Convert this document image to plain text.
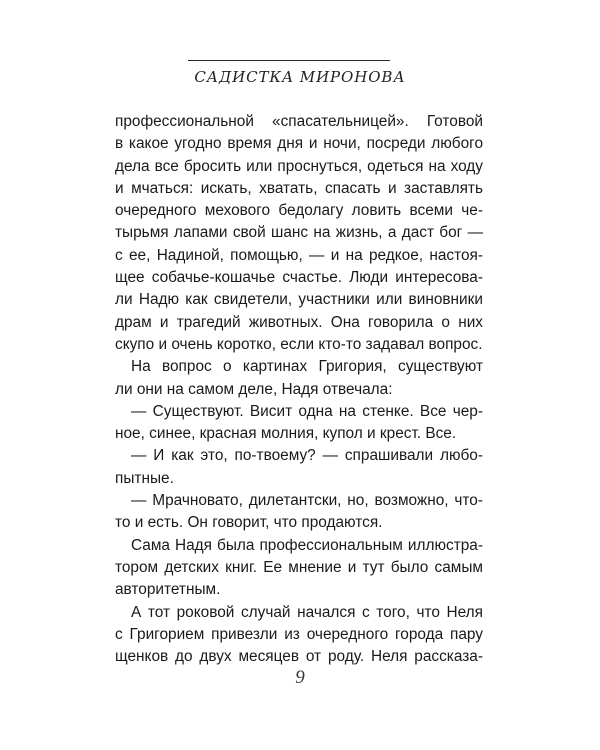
САДИСТКА МИРОНОВА
профессиональной «спасательницей». Готовой
в какое угодно время дня и ночи, посреди любого
дела все бросить или проснуться, одеться на ходу
и мчаться: искать, хватать, спасать и заставлять
очередного мехового бедолагу ловить всеми че-
тырьмя лапами свой шанс на жизнь, а даст бог —
с ее, Надиной, помощью, — и на редкое, настоя-
щее собачье-кошачье счастье. Люди интересова-
ли Надю как свидетели, участники или виновники
драм и трагедий животных. Она говорила о них
скупо и очень коротко, если кто-то задавал вопрос.
На вопрос о картинах Григория, существуют
ли они на самом деле, Надя отвечала:
— Существуют. Висит одна на стенке. Все чер-
ное, синее, красная молния, купол и крест. Все.
— И как это, по-твоему? — спрашивали любо-
пытные.
— Мрачновато, дилетантски, но, возможно, что-
то и есть. Он говорит, что продаются.
Сама Надя была профессиональным иллюстра-
тором детских книг. Ее мнение и тут было самым
авторитетным.
А тот роковой случай начался с того, что Неля
с Григорием привезли из очередного города пару
щенков до двух месяцев от роду. Неля рассказа-
9
